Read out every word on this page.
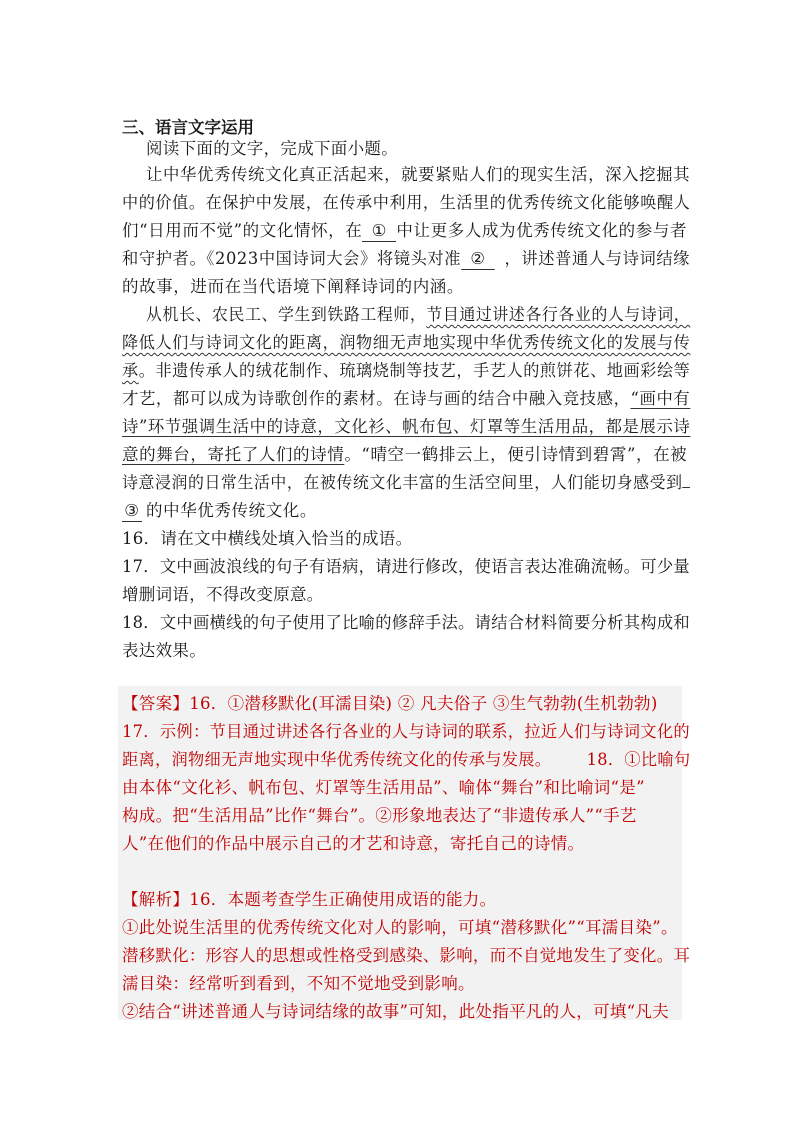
三、语言文字运用
阅读下面的文字，完成下面小题。
让中华优秀传统文化真正活起来，就要紧贴人们的现实生活，深入挖掘其
中的价值。在保护中发展，在传承中利用，生活里的优秀传统文化能够唤醒人
们“日用而不觉”的文化情怀，在 ① 中让更多人成为优秀传统文化的参与者
和守护者。《2023中国诗词大会》将镜头对准 ② ，讲述普通人与诗词结缘
的故事，进而在当代语境下阐释诗词的内涵。
从机长、农民工、学生到铁路工程师，节目通过讲述各行各业的人与诗词，
降低人们与诗词文化的距离，润物细无声地实现中华优秀传统文化的发展与传
承。非遗传承人的绒花制作、琉璃烧制等技艺，手艺人的煎饼花、地画彩绘等
才艺，都可以成为诗歌创作的素材。在诗与画的结合中融入竞技感，“画中有
诗”环节强调生活中的诗意，文化衫、帆布包、灯罩等生活用品，都是展示诗
意的舞台，寄托了人们的诗情。“晴空一鹤排云上，便引诗情到碧霄”，在被
诗意浸润的日常生活中，在被传统文化丰富的生活空间里，人们能切身感受到
③ 的中华优秀传统文化。
16．请在文中横线处填入恰当的成语。
17．文中画波浪线的句子有语病，请进行修改，使语言表达准确流畅。可少量
增删词语，不得改变原意。
18．文中画横线的句子使用了比喻的修辞手法。请结合材料简要分析其构成和
表达效果。
【答案】16．①潜移默化(耳濡目染) ② 凡夫俗子 ③生气勃勃(生机勃勃)
17．示例：节目通过讲述各行各业的人与诗词的联系，拉近人们与诗词文化的
距离，润物细无声地实现中华优秀传统文化的传承与发展。 18．①比喻句
由本体“文化衫、帆布包、灯罩等生活用品”、喻体“舞台”和比喻词“是”
构成。把“生活用品”比作“舞台”。②形象地表达了“非遗传承人”“手艺
人”在他们的作品中展示自己的才艺和诗意，寄托自己的诗情。
【解析】16．本题考查学生正确使用成语的能力。
①此处说生活里的优秀传统文化对人的影响，可填“潜移默化”“耳濡目染”。
潜移默化：形容人的思想或性格受到感染、影响，而不自觉地发生了变化。耳
濡目染：经常听到看到，不知不觉地受到影响。
②结合“讲述普通人与诗词结缘的故事”可知，此处指平凡的人，可填“凡夫
